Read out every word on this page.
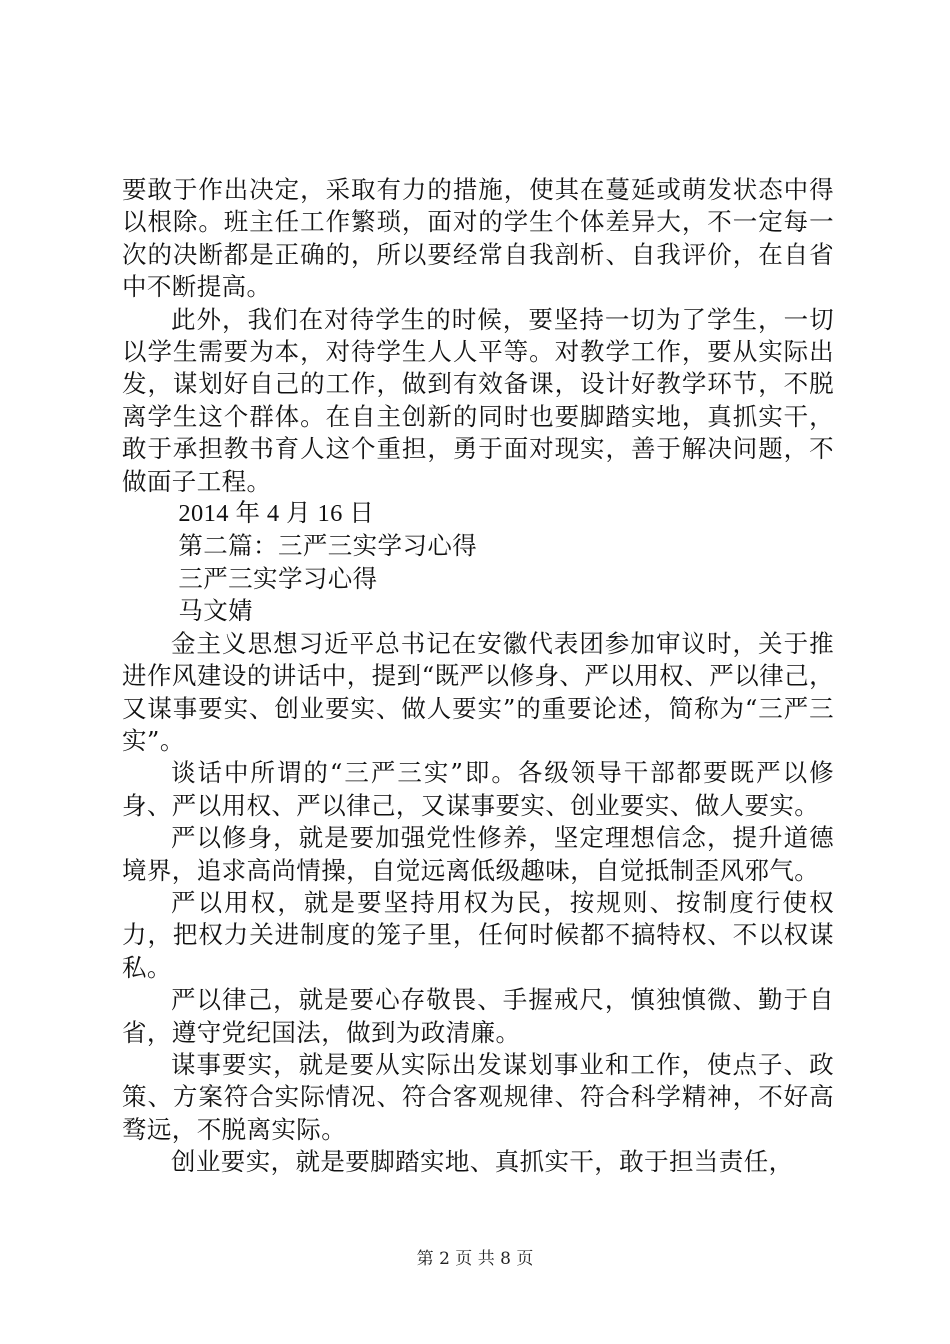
要敢于作出决定，采取有力的措施，使其在蔓延或萌发状态中得以根除。班主任工作繁琐，面对的学生个体差异大，不一定每一次的决断都是正确的，所以要经常自我剖析、自我评价，在自省中不断提高。

此外，我们在对待学生的时候，要坚持一切为了学生，一切以学生需要为本，对待学生人人平等。对教学工作，要从实际出发，谋划好自己的工作，做到有效备课，设计好教学环节，不脱离学生这个群体。在自主创新的同时也要脚踏实地，真抓实干，敢于承担教书育人这个重担，勇于面对现实，善于解决问题，不做面子工程。

2014 年 4 月 16 日

第二篇：三严三实学习心得

三严三实学习心得

马文婧

金主义思想习近平总书记在安徽代表团参加审议时，关于推进作风建设的讲话中，提到“既严以修身、严以用权、严以律己，又谋事要实、创业要实、做人要实”的重要论述，简称为“三严三实”。

谈话中所谓的“三严三实”即。各级领导干部都要既严以修身、严以用权、严以律己，又谋事要实、创业要实、做人要实。

严以修身，就是要加强党性修养，坚定理想信念，提升道德境界，追求高尚情操，自觉远离低级趣味，自觉抵制歪风邪气。

严以用权，就是要坚持用权为民，按规则、按制度行使权力，把权力关进制度的笼子里，任何时候都不搞特权、不以权谋私。

严以律己，就是要心存敬畏、手握戒尺，慎独慎微、勤于自省，遵守党纪国法，做到为政清廉。

谋事要实，就是要从实际出发谋划事业和工作，使点子、政策、方案符合实际情况、符合客观规律、符合科学精神，不好高骛远，不脱离实际。

创业要实，就是要脚踏实地、真抓实干，敢于担当责任，

第 2 页 共 8 页
